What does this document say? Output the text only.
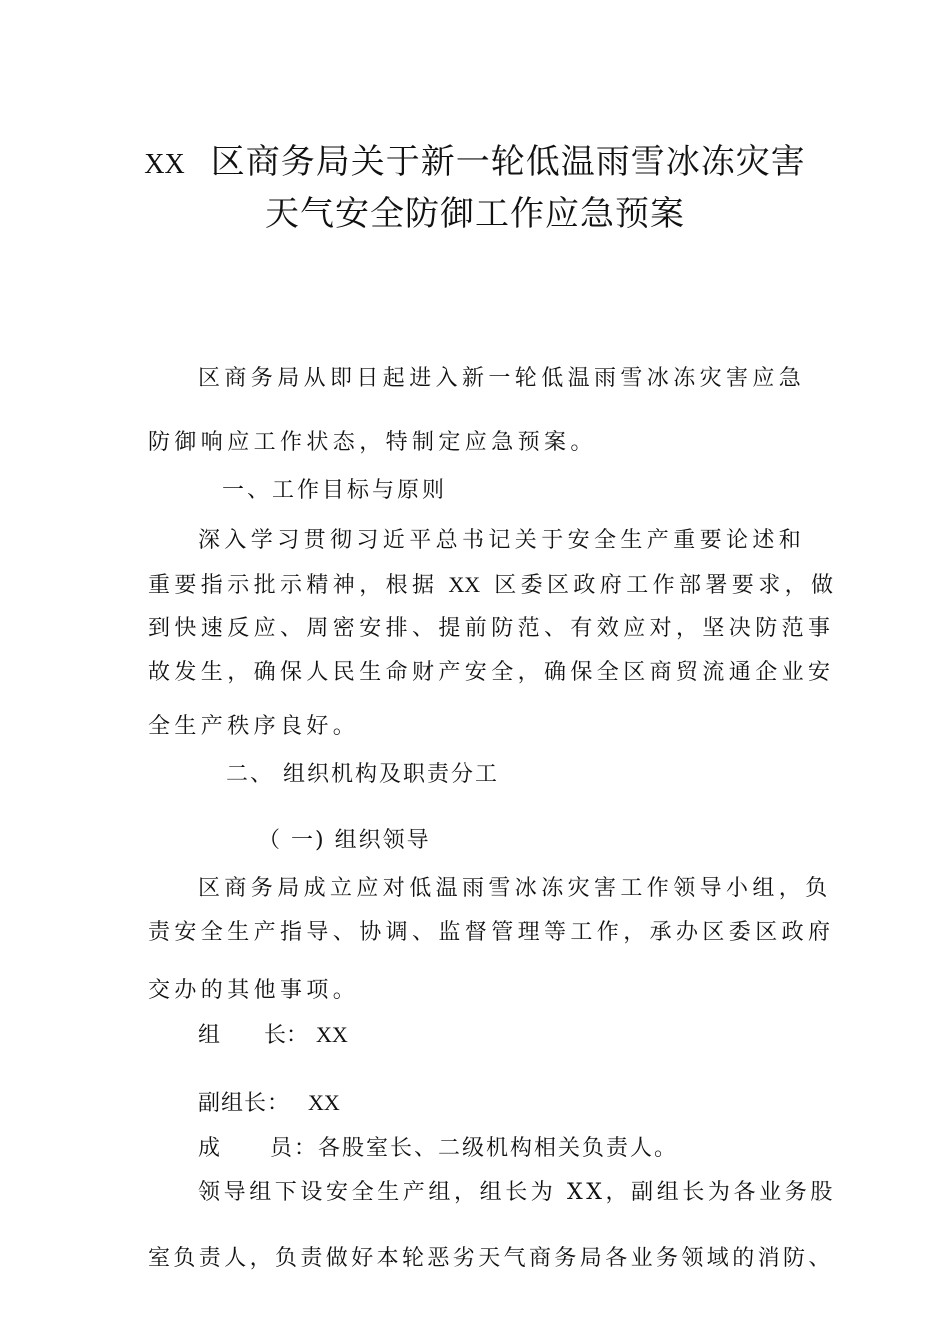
XX 区商务局关于新一轮低温雨雪冰冻灾害
天气安全防御工作应急预案
区商务局从即日起进入新一轮低温雨雪冰冻灾害应急
防御响应工作状态，特制定应急预案。
一、工作目标与原则
深入学习贯彻习近平总书记关于安全生产重要论述和
重要指示批示精神，根据 XX 区委区政府工作部署要求，做
到快速反应、周密安排、提前防范、有效应对，坚决防范事
故发生，确保人民生命财产安全，确保全区商贸流通企业安
全生产秩序良好。
二、 组织机构及职责分工
（ 一) 组织领导
区商务局成立应对低温雨雪冰冻灾害工作领导小组，负
责安全生产指导、协调、监督管理等工作，承办区委区政府
交办的其他事项。
组　　长： XX
副组长： XX
成　　员：各股室长、二级机构相关负责人。
领导组下设安全生产组，组长为 XX，副组长为各业务股
室负责人，负责做好本轮恶劣天气商务局各业务领域的消防、
